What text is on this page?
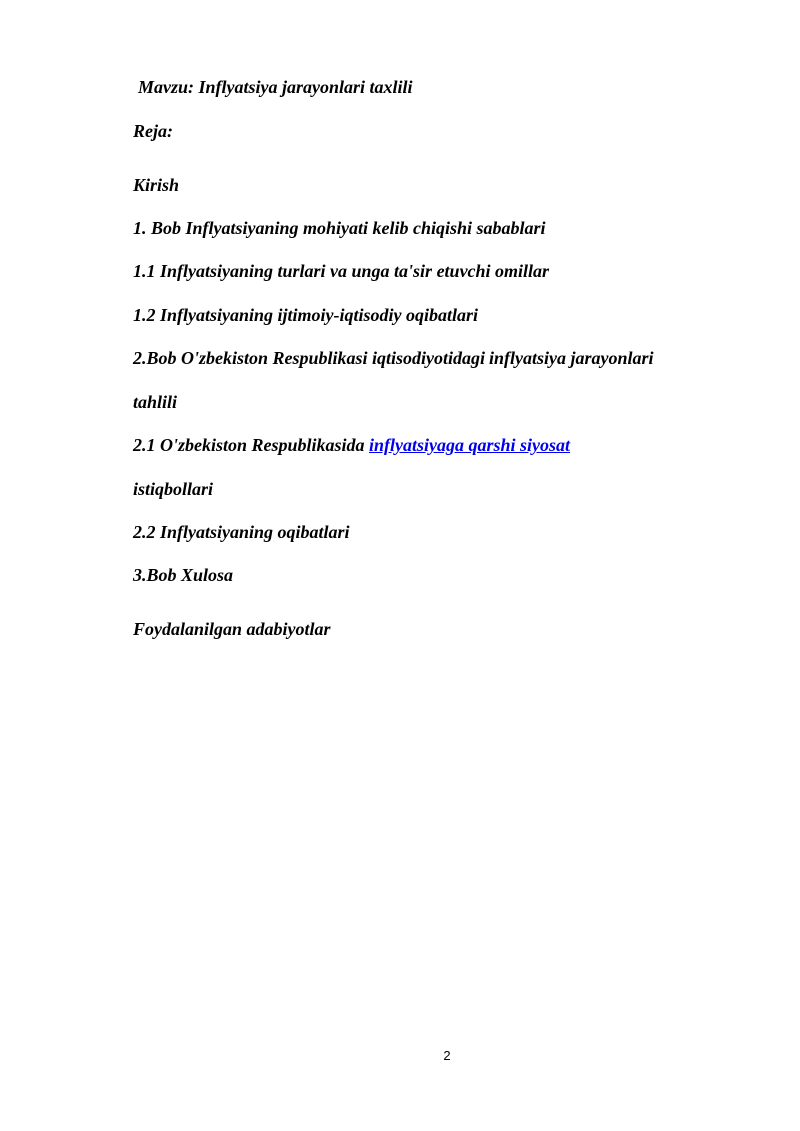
Mavzu: Inflyatsiya jarayonlari taxlili
Reja:
Kirish
1. Bob Inflyatsiyaning mohiyati kelib chiqishi sabablari
1.1 Inflyatsiyaning turlari va unga ta'sir etuvchi omillar
1.2 Inflyatsiyaning ijtimoiy-iqtisodiy oqibatlari
2.Bob O'zbekiston Respublikasi iqtisodiyotidagi inflyatsiya jarayonlari
tahlili
2.1 O'zbekiston Respublikasida inflyatsiyaga qarshi siyosat
istiqbollari
2.2 Inflyatsiyaning oqibatlari
3.Bob Xulosa
Foydalanilgan adabiyotlar
2
